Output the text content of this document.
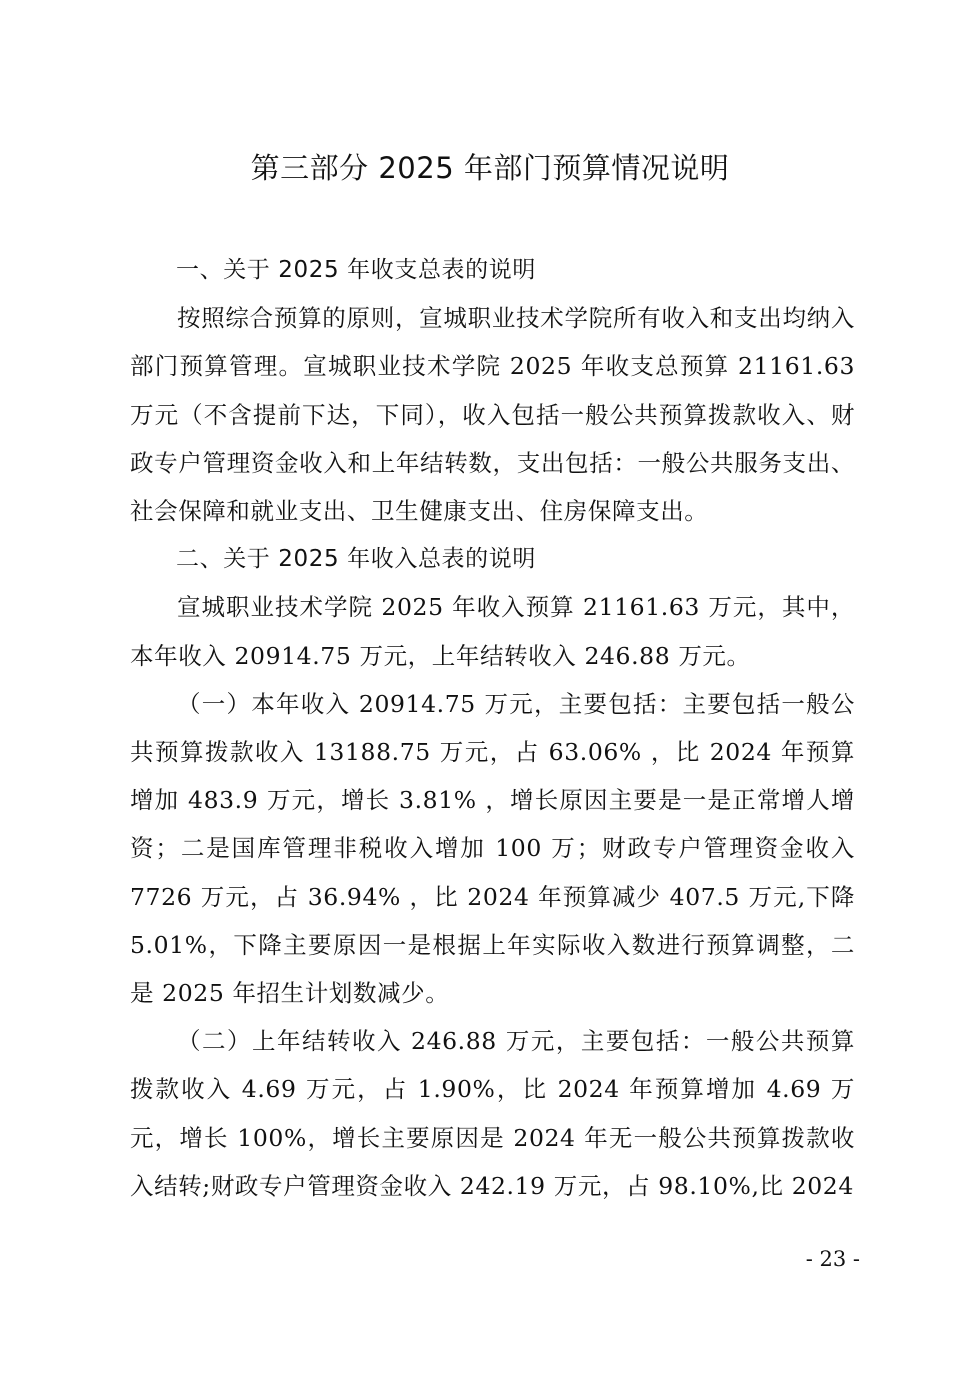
第三部分 2025 年部门预算情况说明

一、关于 2025 年收支总表的说明

按照综合预算的原则，宣城职业技术学院所有收入和支出均纳入部门预算管理。宣城职业技术学院 2025 年收支总预算 21161.63 万元（不含提前下达，下同），收入包括一般公共预算拨款收入、财政专户管理资金收入和上年结转数，支出包括：一般公共服务支出、社会保障和就业支出、卫生健康支出、住房保障支出。

二、关于 2025 年收入总表的说明

宣城职业技术学院 2025 年收入预算 21161.63 万元，其中，本年收入 20914.75 万元，上年结转收入 246.88 万元。

（一）本年收入 20914.75 万元，主要包括：主要包括一般公共预算拨款收入 13188.75 万元，占 63.06% ，比 2024 年预算增加 483.9 万元，增长 3.81% ，增长原因主要是一是正常增人增资；二是国库管理非税收入增加 100 万；财政专户管理资金收入 7726 万元，占 36.94% ，比 2024 年预算减少 407.5 万元,下降 5.01%，下降主要原因一是根据上年实际收入数进行预算调整，二是 2025 年招生计划数减少。

（二）上年结转收入 246.88 万元，主要包括：一般公共预算拨款收入 4.69 万元，占 1.90%，比 2024 年预算增加 4.69 万元，增长 100%，增长主要原因是 2024 年无一般公共预算拨款收入结转;财政专户管理资金收入 242.19 万元，占 98.10%,比 2024

- 23 -
